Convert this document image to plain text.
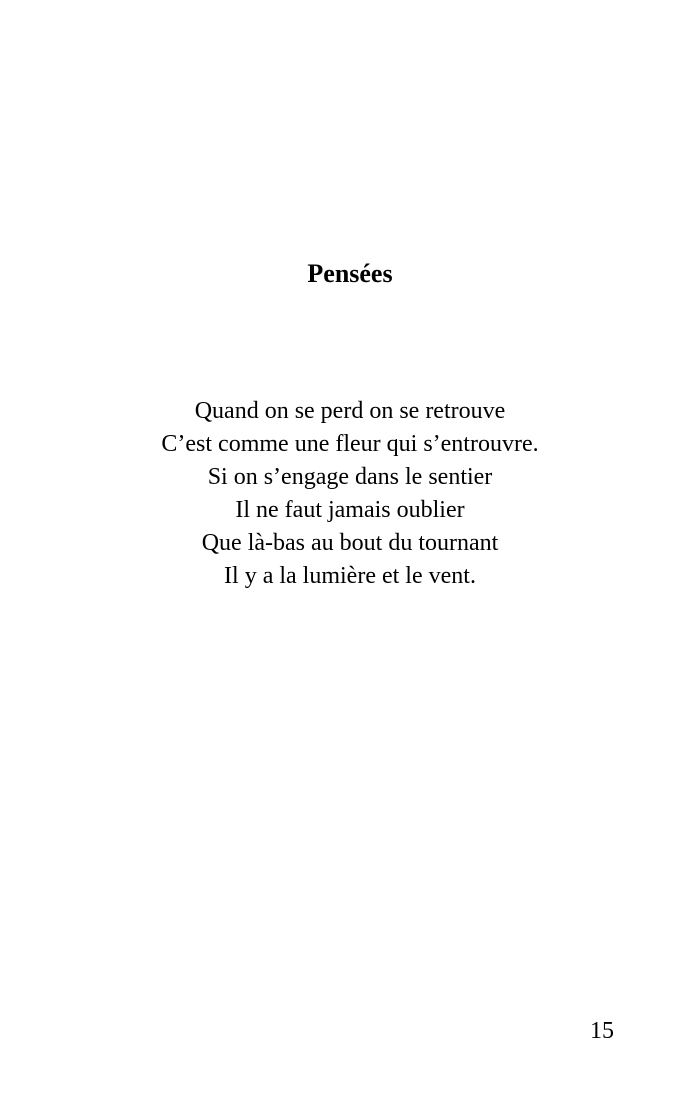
Pensées
Quand on se perd on se retrouve
C’est comme une fleur qui s’entrouvre.
Si on s’engage dans le sentier
Il ne faut jamais oublier
Que là-bas au bout du tournant
Il y a la lumière et le vent.
15
